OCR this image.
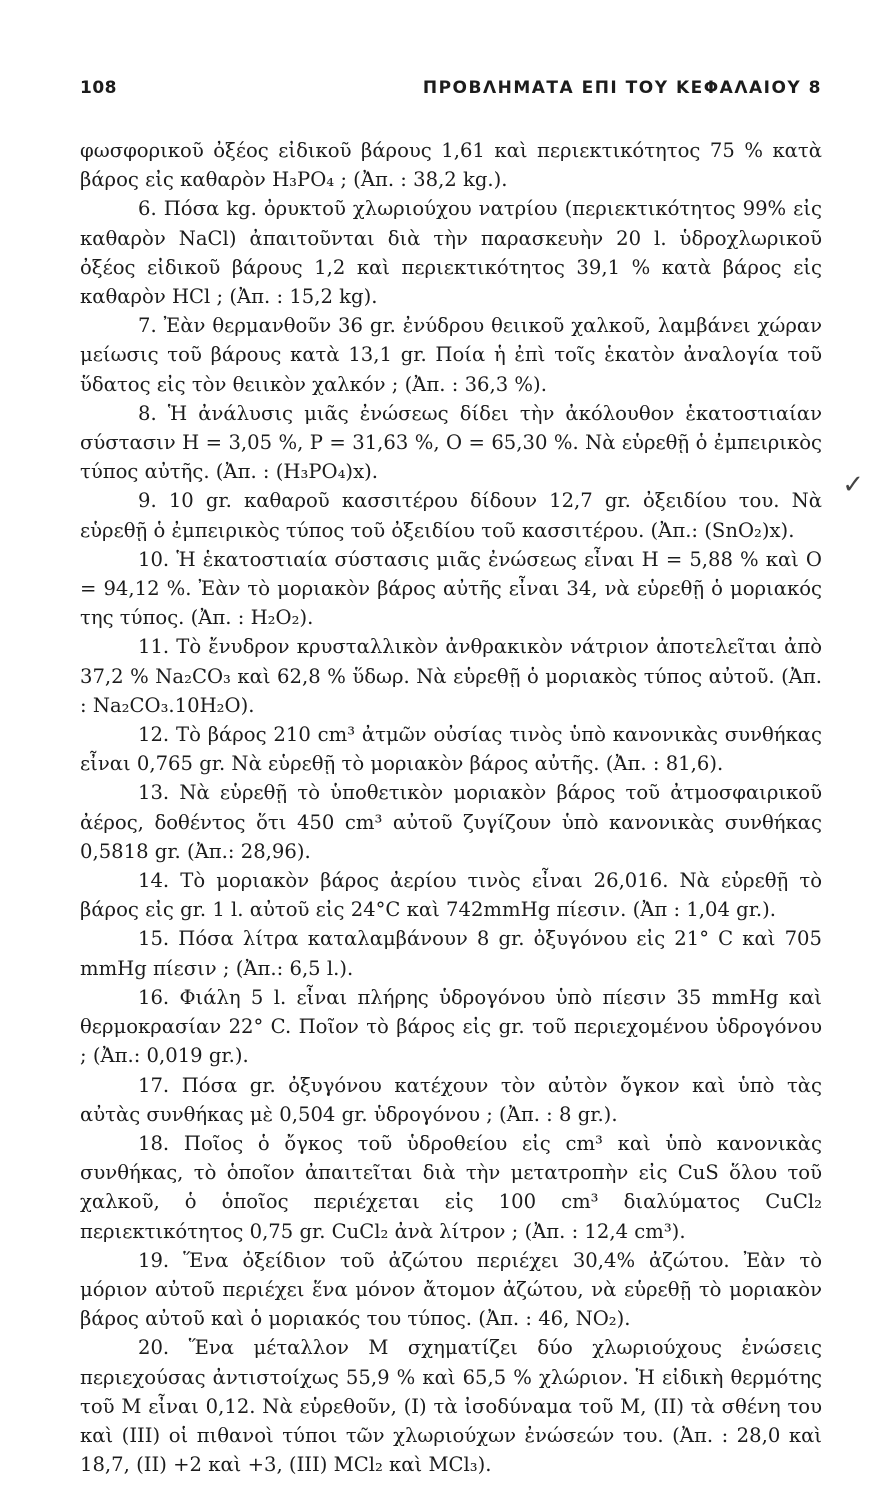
108	ΠΡΟΒΛΗΜΑΤΑ ΕΠΙ ΤΟΥ ΚΕΦΑΛΑΙΟΥ 8

φωσφορικοῦ ὀξέος εἰδικοῦ βάρους 1,61 καὶ περιεκτικότητος 75 % κατὰ βάρος εἰς καθαρὸν H₃PO₄ ; (Ἀπ. : 38,2 kg.).

6. Πόσα kg. ὀρυκτοῦ χλωριούχου νατρίου (περιεκτικότητος 99% εἰς καθαρὸν NaCl) ἀπαιτοῦνται διὰ τὴν παρασκευὴν 20 l. ὑδροχλωρικοῦ ὀξέος εἰδικοῦ βάρους 1,2 καὶ περιεκτικότητος 39,1 % κατὰ βάρος εἰς καθαρὸν HCl ; (Ἀπ. : 15,2 kg).

7. Ἐὰν θερμανθοῦν 36 gr. ἐνύδρου θειικοῦ χαλκοῦ, λαμβάνει χώραν μείωσις τοῦ βάρους κατὰ 13,1 gr. Ποία ἡ ἐπὶ τοῖς ἑκατὸν ἀναλογία τοῦ ὕδατος εἰς τὸν θειικὸν χαλκόν ; (Ἀπ. : 36,3 %).

8. Ἡ ἀνάλυσις μιᾶς ἐνώσεως δίδει τὴν ἀκόλουθον ἑκατοστιαίαν σύστασιν H = 3,05 %, P = 31,63 %, O = 65,30 %. Νὰ εὑρεθῇ ὁ ἐμπειρικὸς τύπος αὐτῆς. (Ἀπ. : (H₃PO₄)x).

9. 10 gr. καθαροῦ κασσιτέρου δίδουν 12,7 gr. ὀξειδίου του. Νὰ εὑρεθῇ ὁ ἐμπειρικὸς τύπος τοῦ ὀξειδίου τοῦ κασσιτέρου. (Ἀπ.: (SnO₂)x).

10. Ἡ ἑκατοστιαία σύστασις μιᾶς ἐνώσεως εἶναι H = 5,88 % καὶ O = 94,12 %. Ἐὰν τὸ μοριακὸν βάρος αὐτῆς εἶναι 34, νὰ εὑρεθῇ ὁ μοριακός της τύπος. (Ἀπ. : H₂O₂).

11. Τὸ ἔνυδρον κρυσταλλικὸν ἀνθρακικὸν νάτριον ἀποτελεῖται ἀπὸ 37,2 % Na₂CO₃ καὶ 62,8 % ὕδωρ. Νὰ εὑρεθῇ ὁ μοριακὸς τύπος αὐτοῦ. (Ἀπ. : Na₂CO₃.10H₂O).

12. Τὸ βάρος 210 cm³ ἀτμῶν οὐσίας τινὸς ὑπὸ κανονικὰς συνθήκας εἶναι 0,765 gr. Νὰ εὑρεθῇ τὸ μοριακὸν βάρος αὐτῆς. (Ἀπ. : 81,6).

13. Νὰ εὑρεθῇ τὸ ὑποθετικὸν μοριακὸν βάρος τοῦ ἀτμοσφαιρικοῦ ἀέρος, δοθέντος ὅτι 450 cm³ αὐτοῦ ζυγίζουν ὑπὸ κανονικὰς συνθήκας 0,5818 gr. (Ἀπ.: 28,96).

14. Τὸ μοριακὸν βάρος ἀερίου τινὸς εἶναι 26,016. Νὰ εὑρεθῇ τὸ βάρος εἰς gr. 1 l. αὐτοῦ εἰς 24°C καὶ 742mmHg πίεσιν. (Ἀπ : 1,04 gr.).

15. Πόσα λίτρα καταλαμβάνουν 8 gr. ὀξυγόνου εἰς 21° C καὶ 705 mmHg πίεσιν ; (Ἀπ.: 6,5 l.).

16. Φιάλη 5 l. εἶναι πλήρης ὑδρογόνου ὑπὸ πίεσιν 35 mmHg καὶ θερμοκρασίαν 22° C. Ποῖον τὸ βάρος εἰς gr. τοῦ περιεχομένου ὑδρογόνου ; (Ἀπ.: 0,019 gr.).

17. Πόσα gr. ὀξυγόνου κατέχουν τὸν αὐτὸν ὄγκον καὶ ὑπὸ τὰς αὐτὰς συνθήκας μὲ 0,504 gr. ὑδρογόνου ; (Ἀπ. : 8 gr.).

18. Ποῖος ὁ ὄγκος τοῦ ὑδροθείου εἰς cm³ καὶ ὑπὸ κανονικὰς συνθήκας, τὸ ὁποῖον ἀπαιτεῖται διὰ τὴν μετατροπὴν εἰς CuS ὅλου τοῦ χαλκοῦ, ὁ ὁποῖος περιέχεται εἰς 100 cm³ διαλύματος CuCl₂ περιεκτικότητος 0,75 gr. CuCl₂ ἀνὰ λίτρον ; (Ἀπ. : 12,4 cm³).

19. Ἕνα ὀξείδιον τοῦ ἀζώτου περιέχει 30,4% ἀζώτου. Ἐὰν τὸ μόριον αὐτοῦ περιέχει ἕνα μόνον ἄτομον ἀζώτου, νὰ εὑρεθῇ τὸ μοριακὸν βάρος αὐτοῦ καὶ ὁ μοριακός του τύπος. (Ἀπ. : 46, NO₂).

20. Ἕνα μέταλλον M σχηματίζει δύο χλωριούχους ἐνώσεις περιεχούσας ἀντιστοίχως 55,9 % καὶ 65,5 % χλώριον. Ἡ εἰδικὴ θερμότης τοῦ M εἶναι 0,12. Νὰ εὑρεθοῦν, (I) τὰ ἰσοδύναμα τοῦ M, (II) τὰ σθένη του καὶ (III) οἱ πιθανοὶ τύποι τῶν χλωριούχων ἐνώσεών του. (Ἀπ. : 28,0 καὶ 18,7, (II) +2 καὶ +3, (III) MCl₂ καὶ MCl₃).

✓
